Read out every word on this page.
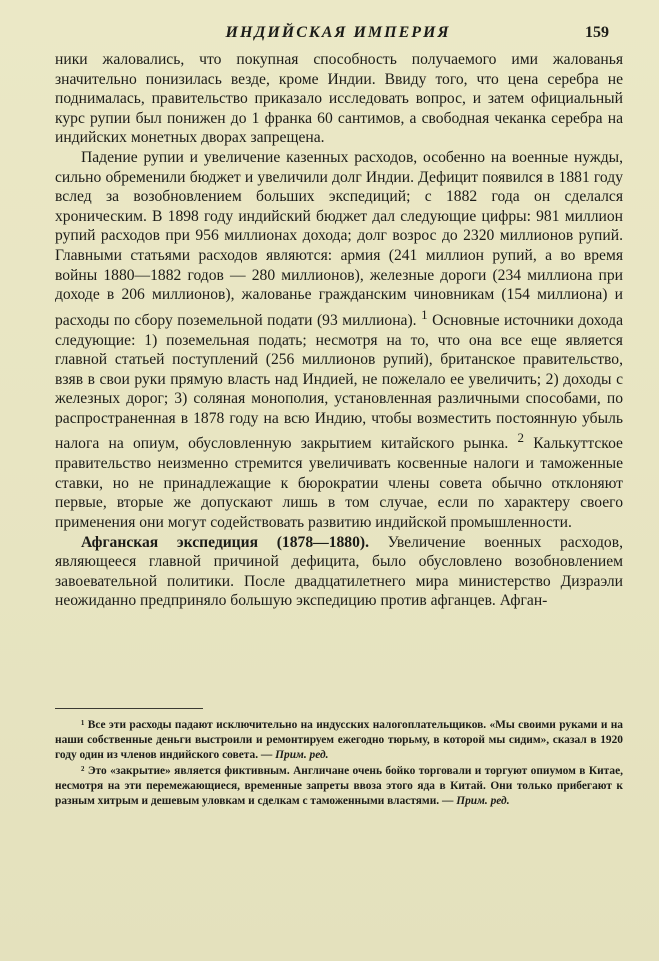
ИНДИЙСКАЯ ИМПЕРИЯ	159

ники жаловались, что покупная способность получаемого ими жалованья значительно понизилась везде, кроме Индии. Ввиду того, что цена серебра не поднималась, правительство приказало исследовать вопрос, и затем официальный курс рупии был понижен до 1 франка 60 сантимов, а свободная чеканка серебра на индийских монетных дворах запрещена.

Падение рупии и увеличение казенных расходов, особенно на военные нужды, сильно обременили бюджет и увеличили долг Индии. Дефицит появился в 1881 году вслед за возобновлением больших экспедиций; с 1882 года он сделался хроническим. В 1898 году индийский бюджет дал следующие цифры: 981 миллион рупий расходов при 956 миллионах дохода; долг возрос до 2320 миллионов рупий. Главными статьями расходов являются: армия (241 миллион рупий, а во время войны 1880—1882 годов — 280 миллионов), железные дороги (234 миллиона при доходе в 206 миллионов), жалованье гражданским чиновникам (154 миллиона) и расходы по сбору поземельной подати (93 миллиона). $^1$ Основные источники дохода следующие: 1) поземельная подать; несмотря на то, что она все еще является главной статьей поступлений (256 миллионов рупий), британское правительство, взяв в свои руки прямую власть над Индией, не пожелало ее увеличить; 2) доходы с железных дорог; 3) соляная монополия, установленная различными способами, по распространенная в 1878 году на всю Индию, чтобы возместить постоянную убыль налога на опиум, обусловленную закрытием китайского рынка. $^2$ Калькуттское правительство неизменно стремится увеличивать косвенные налоги и таможенные ставки, но не принадлежащие к бюрократии члены совета обычно отклоняют первые, вторые же допускают лишь в том случае, если по характеру своего применения они могут содействовать развитию индийской промышленности.

Афганская экспедиция (1878—1880). Увеличение военных расходов, являющееся главной причиной дефицита, было обусловлено возобновлением завоевательной политики. После двадцатилетнего мира министерство Дизраэли неожиданно предприняло большую экспедицию против афганцев. Афган-

¹ Все эти расходы падают исключительно на индусских налогоплательщиков. «Мы своими руками и на наши собственные деньги выстроили и ремонтируем ежегодно тюрьму, в которой мы сидим», сказал в 1920 году один из членов индийского совета. — Прим. ред.

² Это «закрытие» является фиктивным. Англичане очень бойко торговали и торгуют опиумом в Китае, несмотря на эти перемежающиеся, временные запреты ввоза этого яда в Китай. Они только прибегают к разным хитрым и дешевым уловкам и сделкам с таможенными властями. — Прим. ред.
